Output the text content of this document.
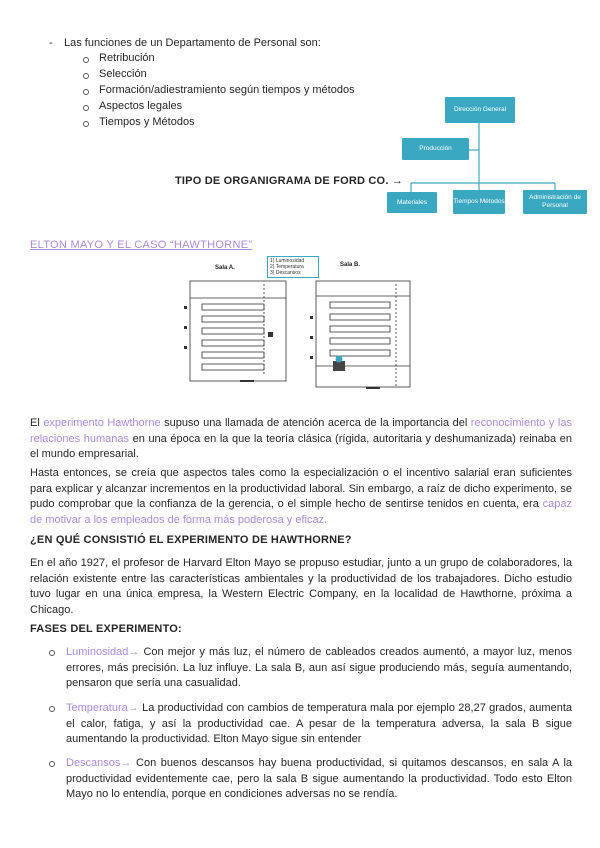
- Las funciones de un Departamento de Personal son:
Retribución
Selección
Formación/adiestramiento según tiempos y métodos
Aspectos legales
Tiempos y Métodos
Dirección General
Producción
Materiales	Tiempos Métodos
Administración de Personal
TIPO DE ORGANIGRAMA DE FORD CO. →
ELTON MAYO Y EL CASO “HAWTHORNE”
Sala A.	Sala B.
1) Luminosidad
2) Temperatura
3) Descansos
El experimento Hawthorne supuso una llamada de atención acerca de la importancia del reconocimiento y las relaciones humanas en una época en la que la teoría clásica (rígida, autoritaria y deshumanizada) reinaba en el mundo empresarial.
Hasta entonces, se creía que aspectos tales como la especialización o el incentivo salarial eran suficientes para explicar y alcanzar incrementos en la productividad laboral. Sin embargo, a raíz de dicho experimento, se pudo comprobar que la confianza de la gerencia, o el simple hecho de sentirse tenidos en cuenta, era capaz de motivar a los empleados de forma más poderosa y eficaz.
¿EN QUÉ CONSISTIÓ EL EXPERIMENTO DE HAWTHORNE?
En el año 1927, el profesor de Harvard Elton Mayo se propuso estudiar, junto a un grupo de colaboradores, la relación existente entre las características ambientales y la productividad de los trabajadores. Dicho estudio tuvo lugar en una única empresa, la Western Electric Company, en la localidad de Hawthorne, próxima a Chicago.
FASES DEL EXPERIMENTO:
Luminosidad→ Con mejor y más luz, el número de cableados creados aumentó, a mayor luz, menos errores, más precisión. La luz influye. La sala B, aun así sigue produciendo más, seguía aumentando, pensaron que sería una casualidad.
Temperatura→ La productividad con cambios de temperatura mala por ejemplo 28,27 grados, aumenta el calor, fatiga, y así la productividad cae. A pesar de la temperatura adversa, la sala B sigue aumentando la productividad. Elton Mayo sigue sin entender
Descansos→ Con buenos descansos hay buena productividad, si quitamos descansos, en sala A la productividad evidentemente cae, pero la sala B sigue aumentando la productividad. Todo esto Elton Mayo no lo entendía, porque en condiciones adversas no se rendía.
